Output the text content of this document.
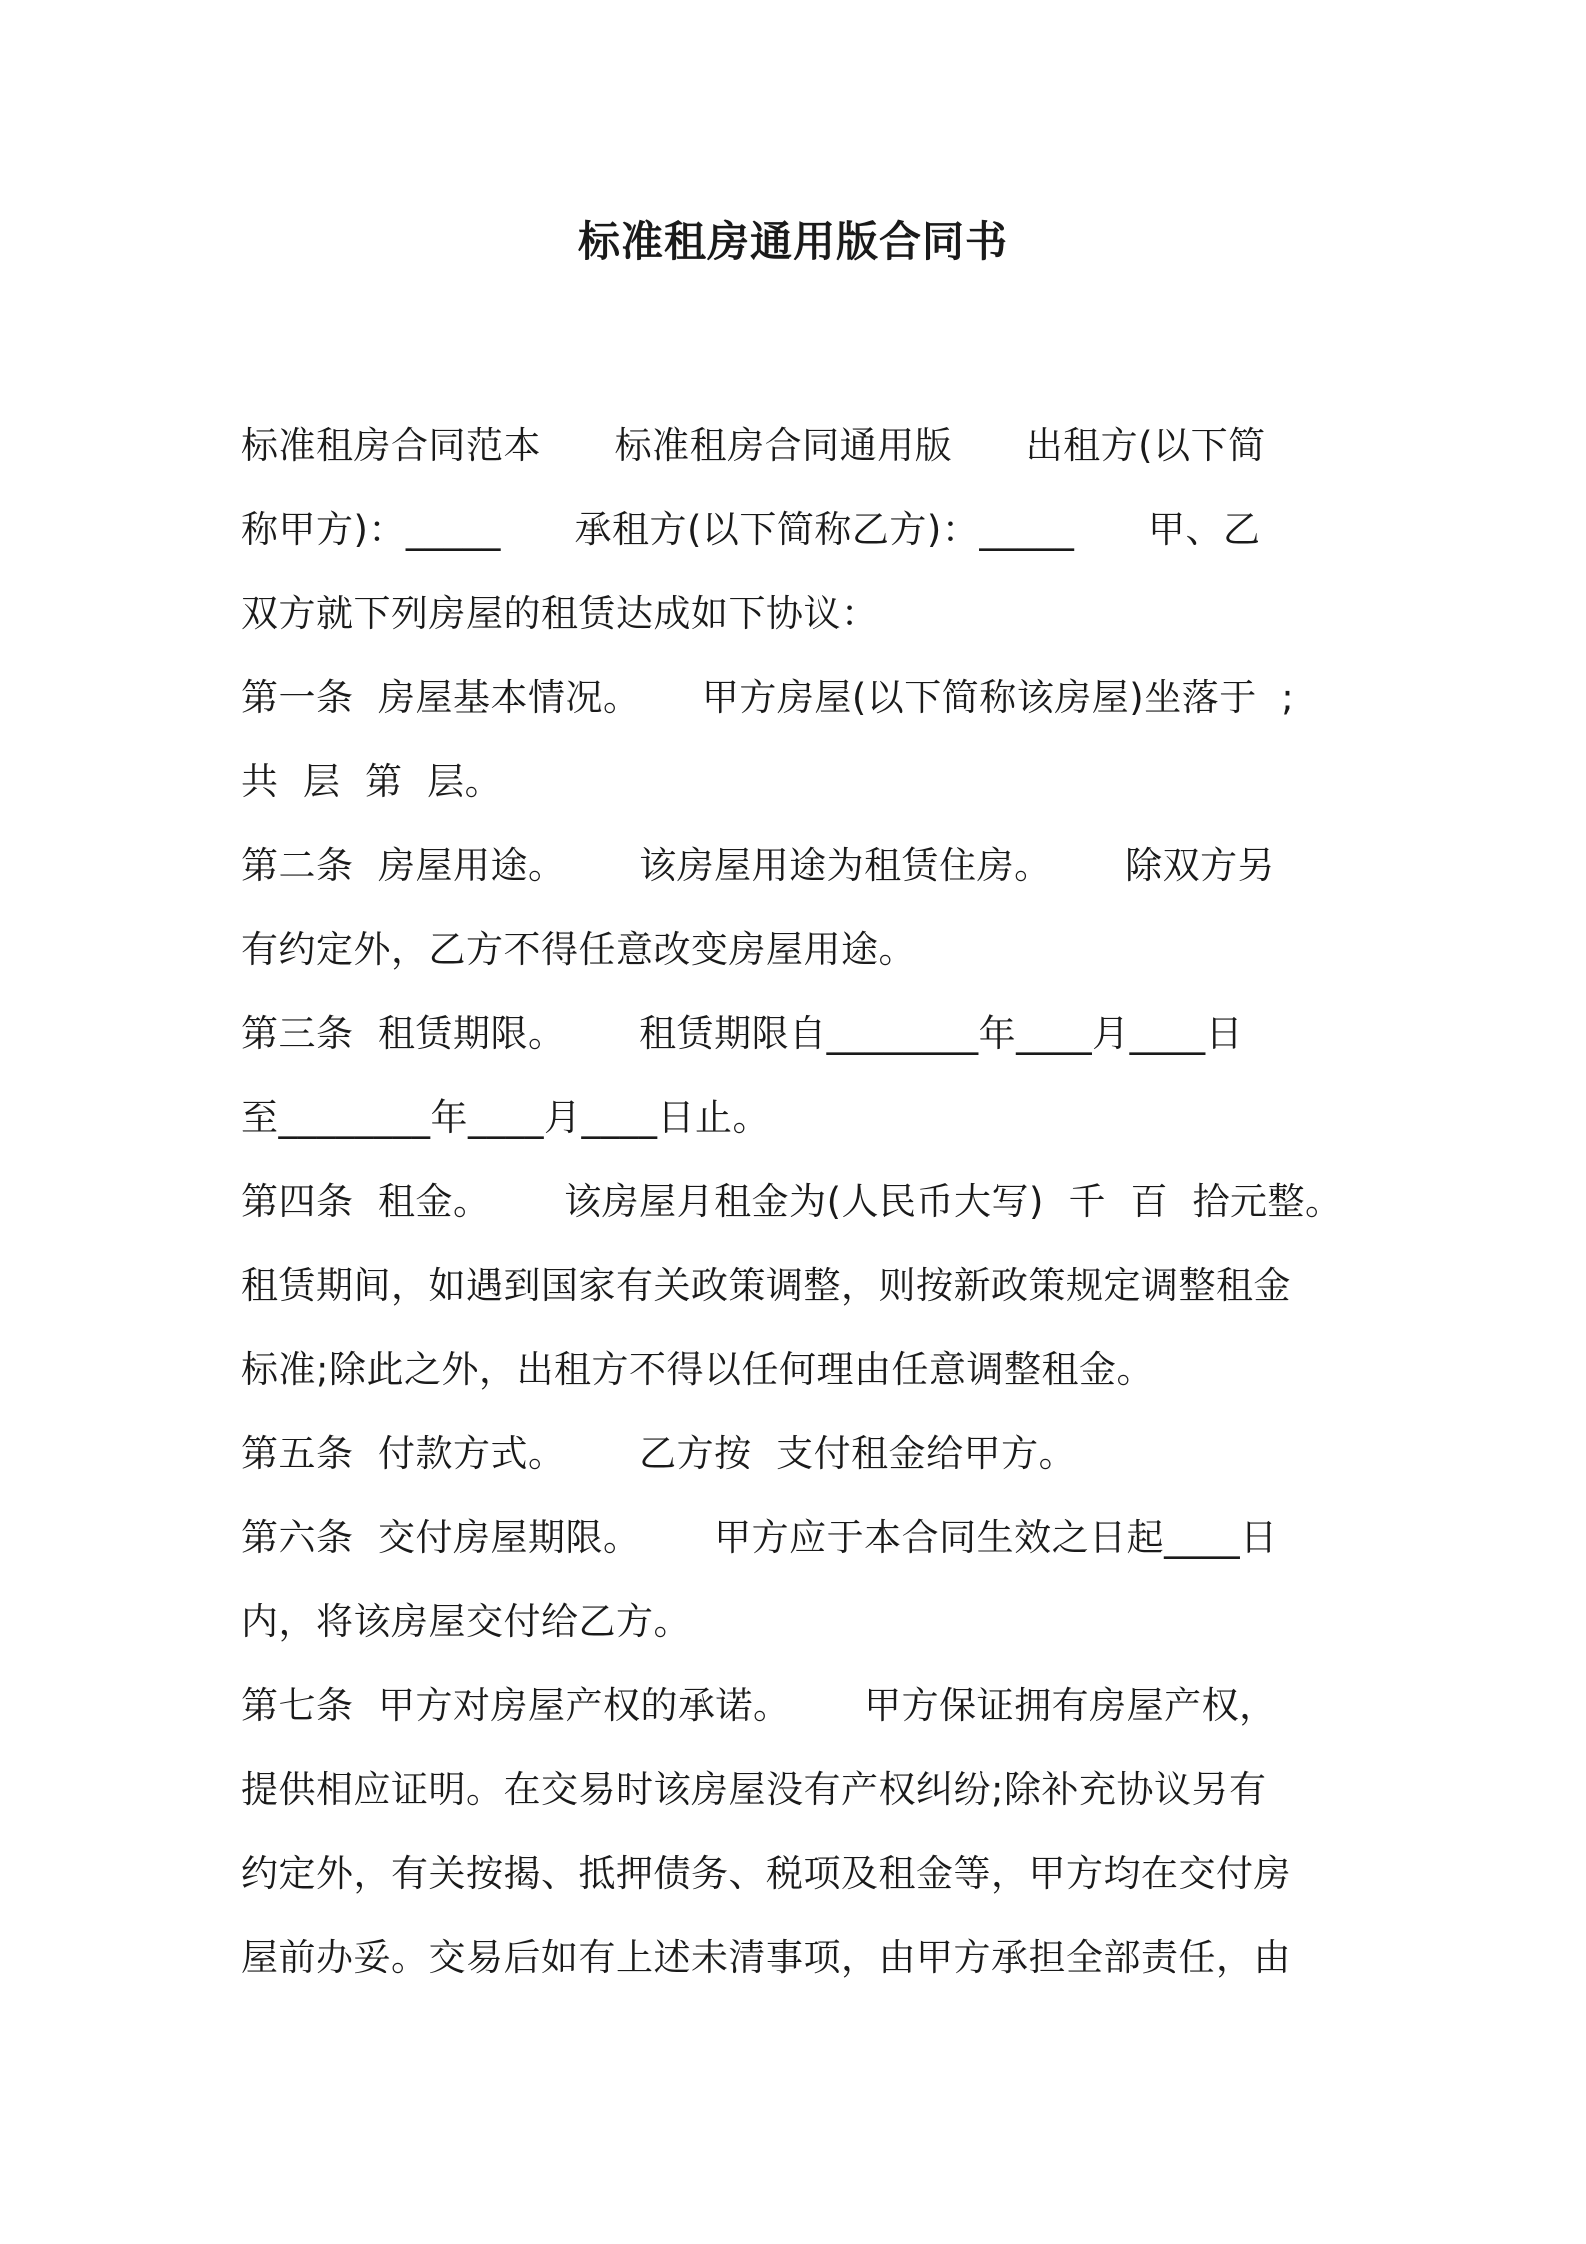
标准租房通用版合同书
标准租房合同范本      标准租房合同通用版      出租方(以下简
称甲方)：_____      承租方(以下简称乙方)：_____      甲、乙
双方就下列房屋的租赁达成如下协议：
第一条  房屋基本情况。     甲方房屋(以下简称该房屋)坐落于  ;
共  层  第  层。
第二条  房屋用途。      该房屋用途为租赁住房。      除双方另
有约定外，乙方不得任意改变房屋用途。
第三条  租赁期限。      租赁期限自________年____月____日
至________年____月____日止。
第四条  租金。      该房屋月租金为(人民币大写)  千  百  拾元整。
租赁期间，如遇到国家有关政策调整，则按新政策规定调整租金
标准;除此之外，出租方不得以任何理由任意调整租金。
第五条  付款方式。      乙方按  支付租金给甲方。
第六条  交付房屋期限。      甲方应于本合同生效之日起____日
内，将该房屋交付给乙方。
第七条  甲方对房屋产权的承诺。      甲方保证拥有房屋产权，
提供相应证明。在交易时该房屋没有产权纠纷;除补充协议另有
约定外，有关按揭、抵押债务、税项及租金等，甲方均在交付房
屋前办妥。交易后如有上述未清事项，由甲方承担全部责任，由
